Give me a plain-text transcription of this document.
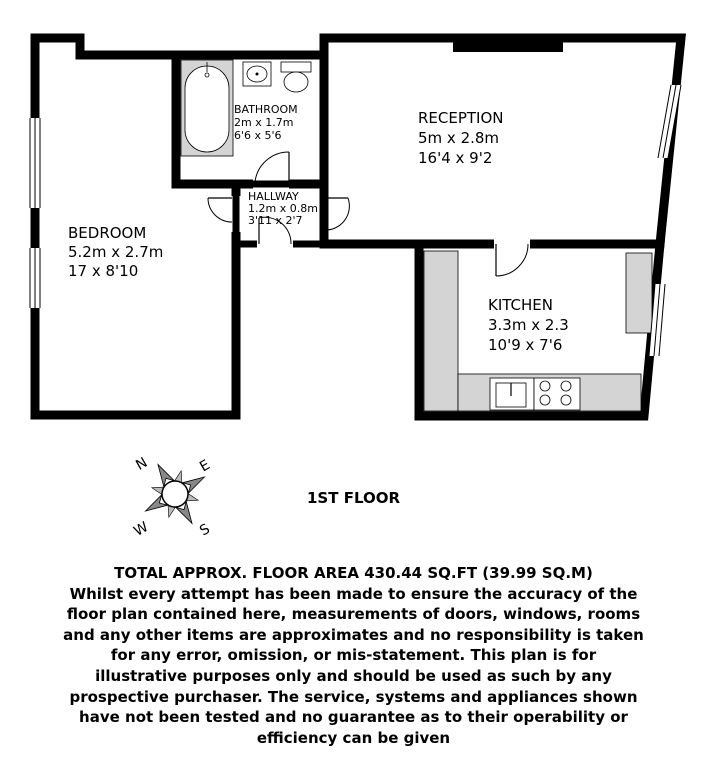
BEDROOM
5.2m x 2.7m
17 x 8'10
BATHROOM
2m x 1.7m
6'6 x 5'6
HALLWAY
1.2m x 0.8m
3'11 x 2'7
RECEPTION
5m x 2.8m
16'4 x 9'2
KITCHEN
3.3m x 2.3
10'9 x 7'6
N	E
S
W
1ST FLOOR
TOTAL APPROX. FLOOR AREA 430.44 SQ.FT (39.99 SQ.M)
Whilst every attempt has been made to ensure the accuracy of the
floor plan contained here, measurements of doors, windows, rooms
and any other items are approximates and no responsibility is taken
for any error, omission, or mis-statement. This plan is for
illustrative purposes only and should be used as such by any
prospective purchaser. The service, systems and appliances shown
have not been tested and no guarantee as to their operability or
efficiency can be given
